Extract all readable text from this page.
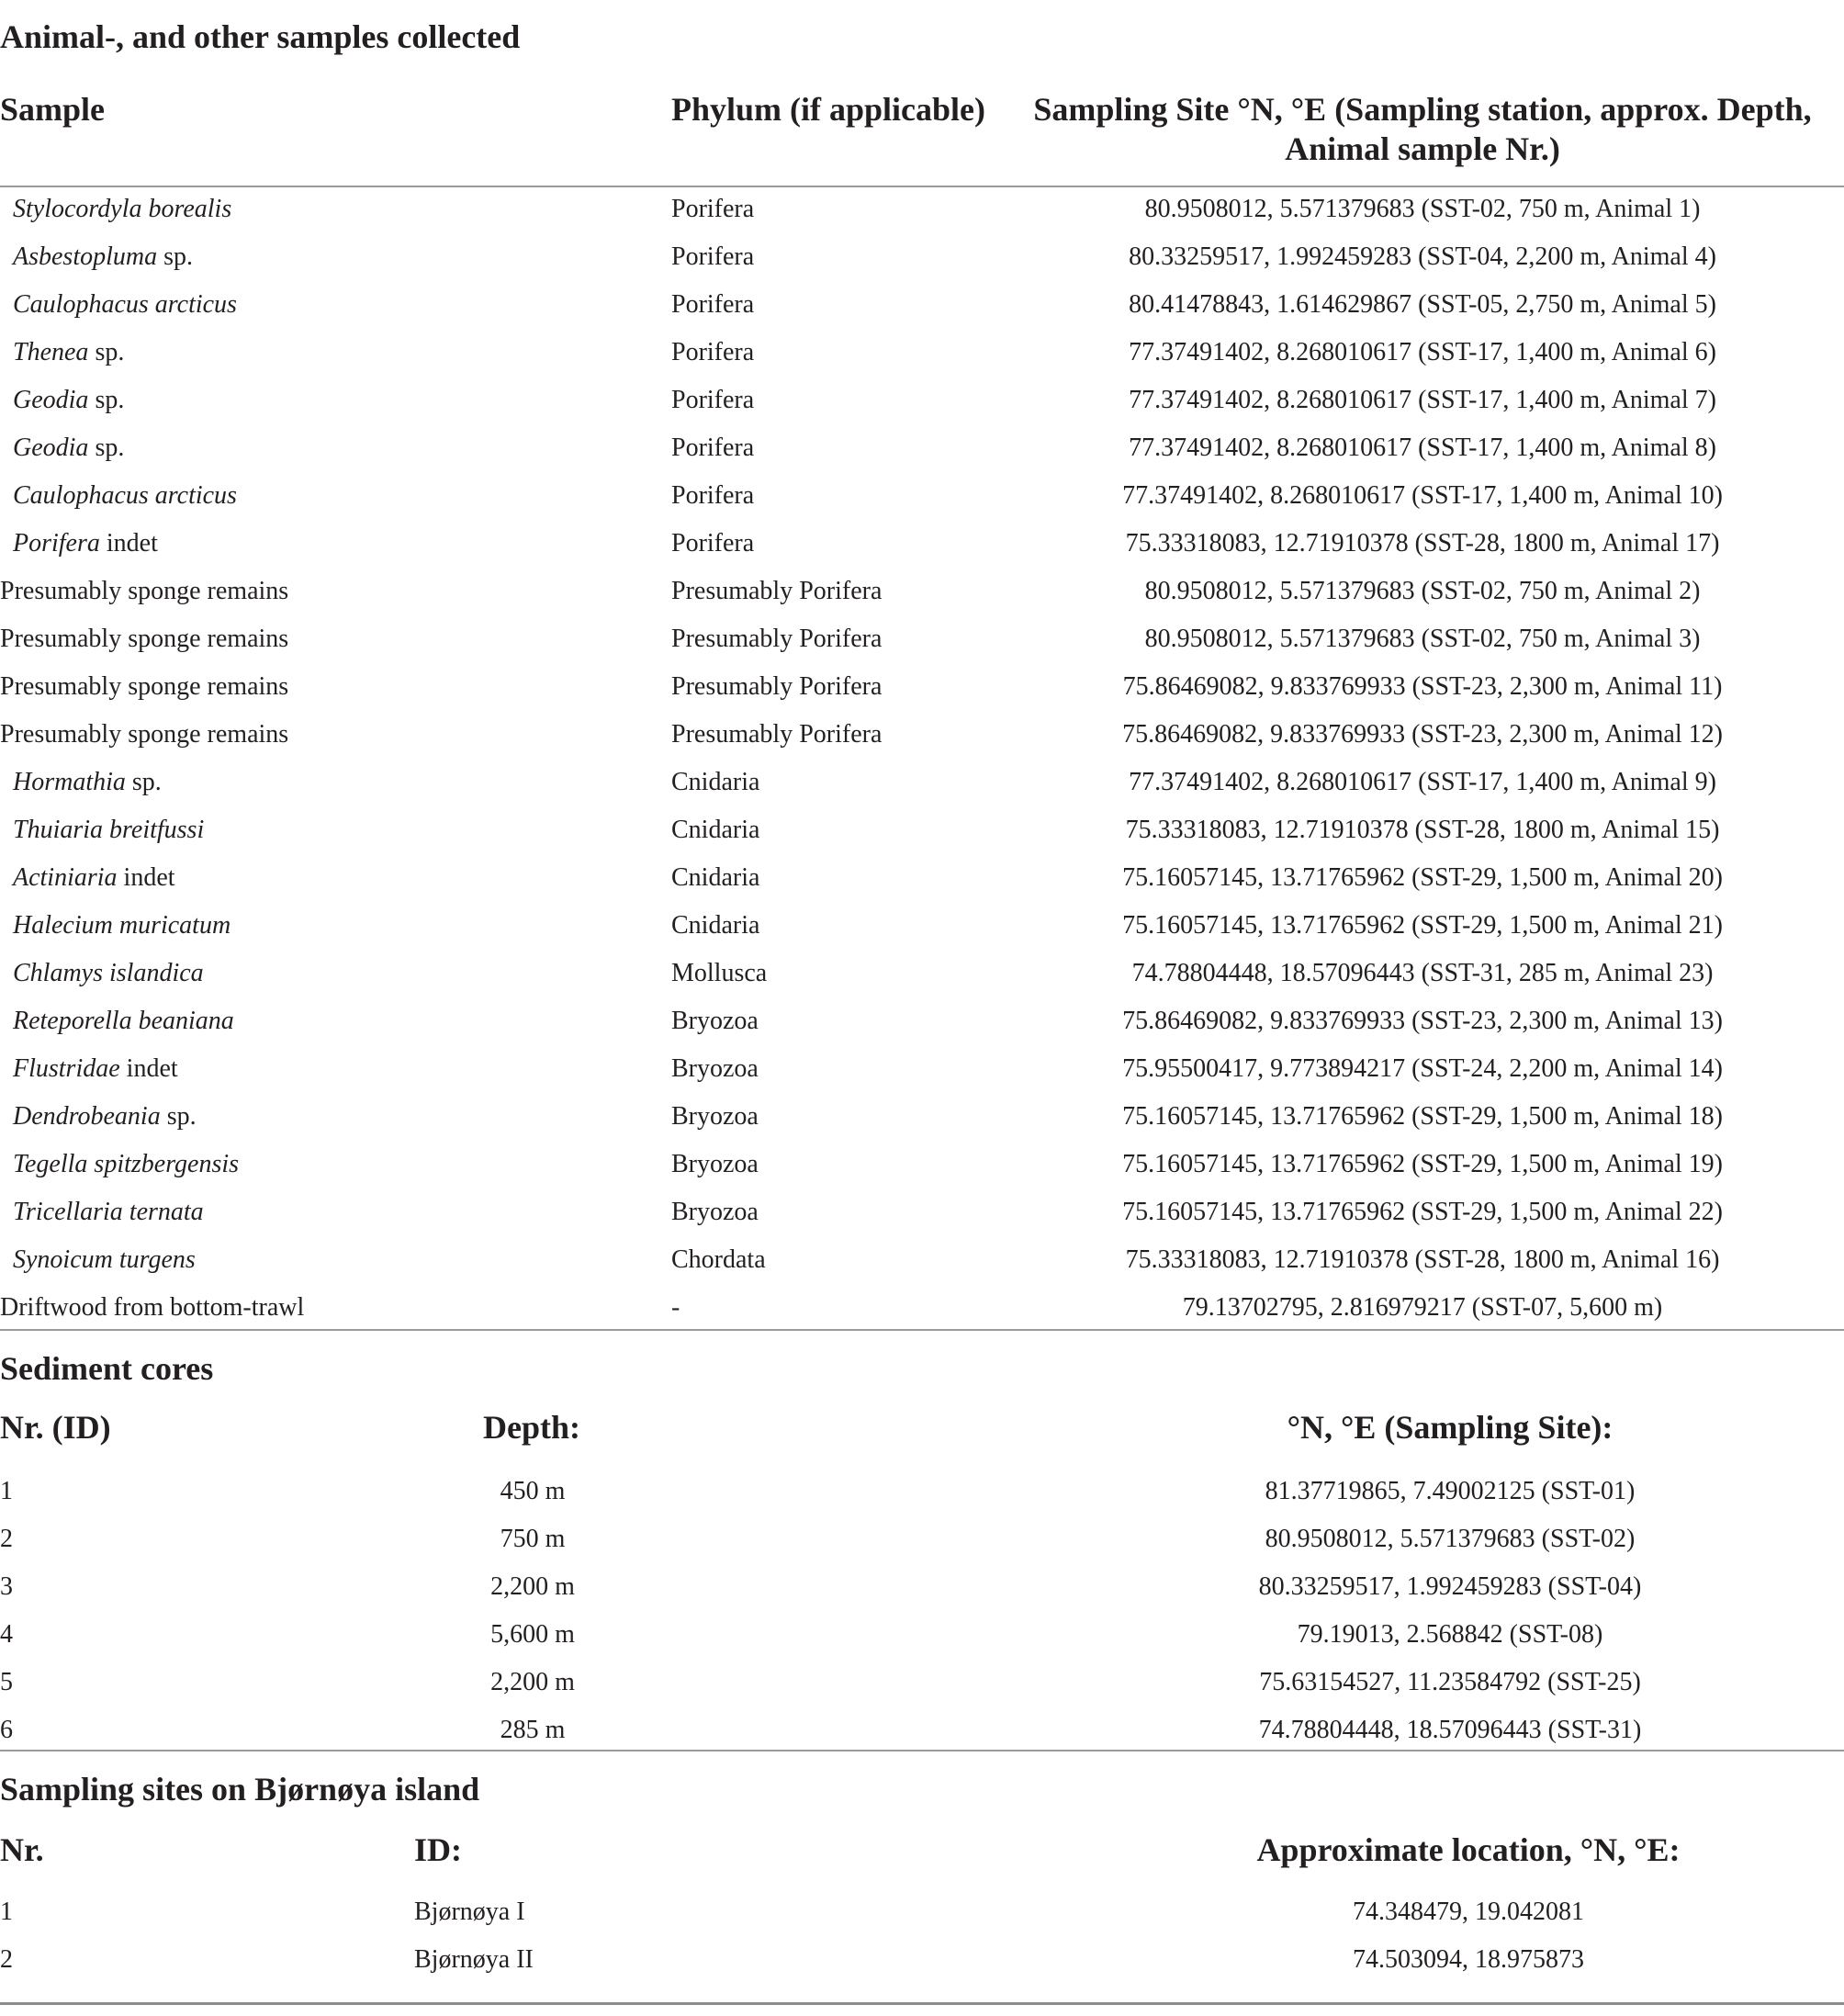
Animal-, and other samples collected
Sample	Phylum (if applicable)	Sampling Site °N, °E (Sampling station, approx. Depth,
Animal sample Nr.)
Stylocordyla borealis	Porifera	80.9508012, 5.571379683 (SST-02, 750 m, Animal 1)
Asbestopluma sp.	Porifera	80.33259517, 1.992459283 (SST-04, 2,200 m, Animal 4)
Caulophacus arcticus	Porifera	80.41478843, 1.614629867 (SST-05, 2,750 m, Animal 5)
Thenea sp.	Porifera	77.37491402, 8.268010617 (SST-17, 1,400 m, Animal 6)
Geodia sp.	Porifera	77.37491402, 8.268010617 (SST-17, 1,400 m, Animal 7)
Geodia sp.	Porifera	77.37491402, 8.268010617 (SST-17, 1,400 m, Animal 8)
Caulophacus arcticus	Porifera	77.37491402, 8.268010617 (SST-17, 1,400 m, Animal 10)
Porifera indet	Porifera	75.33318083, 12.71910378 (SST-28, 1800 m, Animal 17)
Presumably sponge remains	Presumably Porifera	80.9508012, 5.571379683 (SST-02, 750 m, Animal 2)
Presumably sponge remains	Presumably Porifera	80.9508012, 5.571379683 (SST-02, 750 m, Animal 3)
Presumably sponge remains	Presumably Porifera	75.86469082, 9.833769933 (SST-23, 2,300 m, Animal 11)
Presumably sponge remains	Presumably Porifera	75.86469082, 9.833769933 (SST-23, 2,300 m, Animal 12)
Hormathia sp.	Cnidaria	77.37491402, 8.268010617 (SST-17, 1,400 m, Animal 9)
Thuiaria breitfussi	Cnidaria	75.33318083, 12.71910378 (SST-28, 1800 m, Animal 15)
Actiniaria indet	Cnidaria	75.16057145, 13.71765962 (SST-29, 1,500 m, Animal 20)
Halecium muricatum	Cnidaria	75.16057145, 13.71765962 (SST-29, 1,500 m, Animal 21)
Chlamys islandica	Mollusca	74.78804448, 18.57096443 (SST-31, 285 m, Animal 23)
Reteporella beaniana	Bryozoa	75.86469082, 9.833769933 (SST-23, 2,300 m, Animal 13)
Flustridae indet	Bryozoa	75.95500417, 9.773894217 (SST-24, 2,200 m, Animal 14)
Dendrobeania sp.	Bryozoa	75.16057145, 13.71765962 (SST-29, 1,500 m, Animal 18)
Tegella spitzbergensis	Bryozoa	75.16057145, 13.71765962 (SST-29, 1,500 m, Animal 19)
Tricellaria ternata	Bryozoa	75.16057145, 13.71765962 (SST-29, 1,500 m, Animal 22)
Synoicum turgens	Chordata	75.33318083, 12.71910378 (SST-28, 1800 m, Animal 16)
Driftwood from bottom-trawl	-	79.13702795, 2.816979217 (SST-07, 5,600 m)
Sediment cores
Nr. (ID)	Depth:	°N, °E (Sampling Site):
1	450 m	81.37719865, 7.49002125 (SST-01)
2	750 m	80.9508012, 5.571379683 (SST-02)
3	2,200 m	80.33259517, 1.992459283 (SST-04)
4	5,600 m	79.19013, 2.568842 (SST-08)
5	2,200 m	75.63154527, 11.23584792 (SST-25)
6	285 m	74.78804448, 18.57096443 (SST-31)
Sampling sites on Bjørnøya island
Nr.	ID:	Approximate location, °N, °E:
1	Bjørnøya I	74.348479, 19.042081
2	Bjørnøya II	74.503094, 18.975873
